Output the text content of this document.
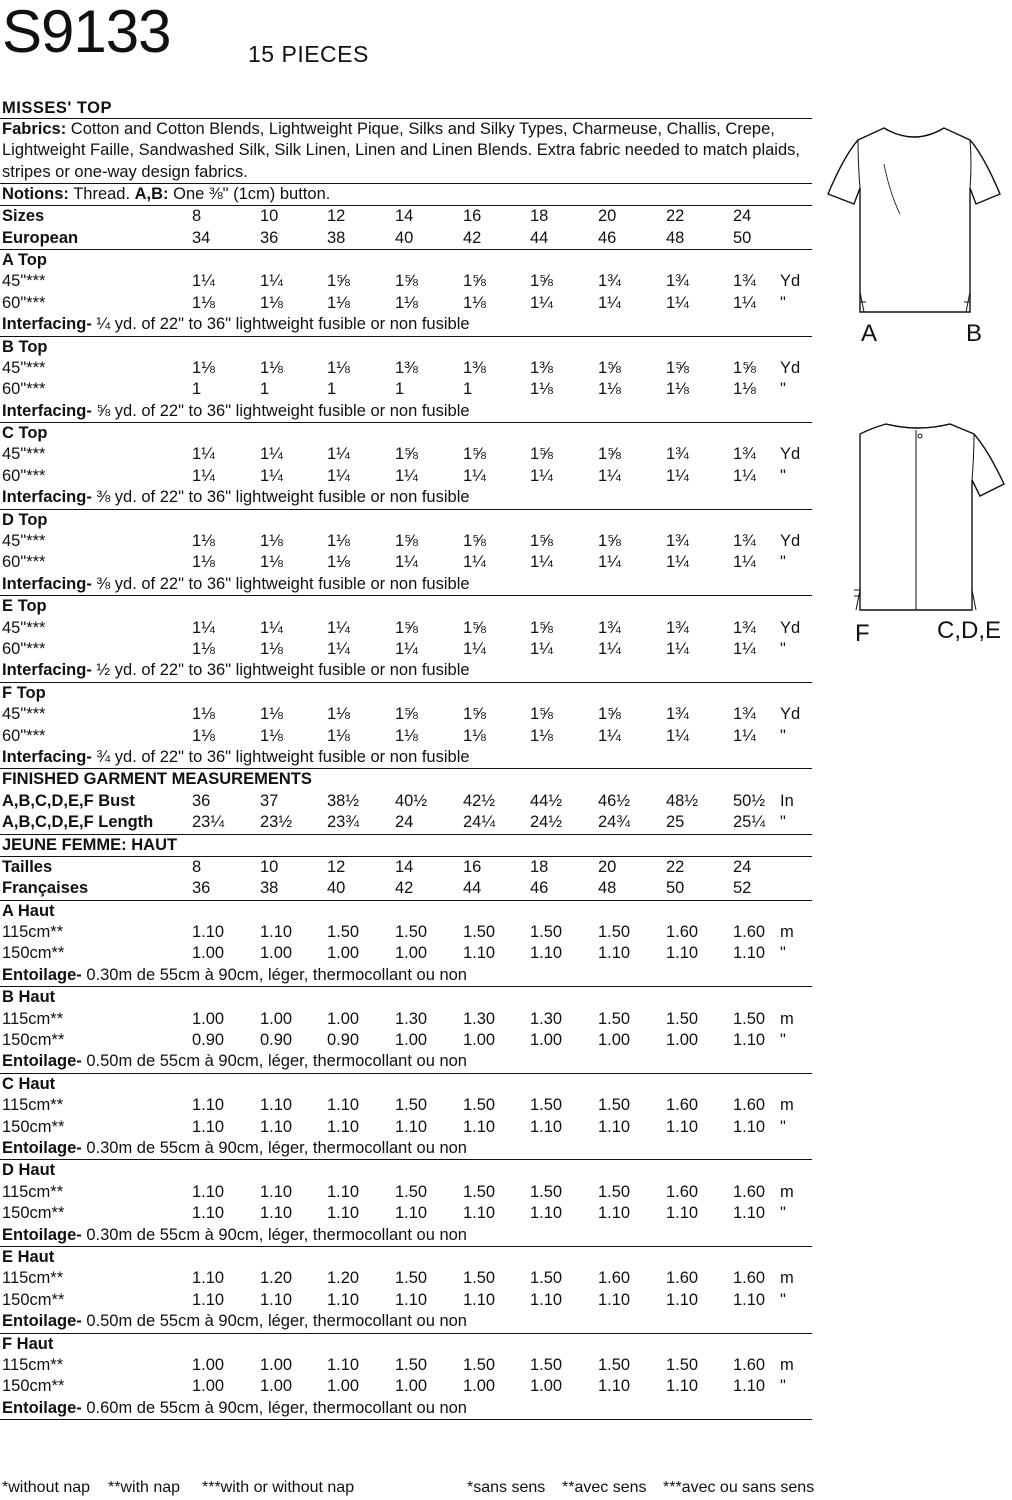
S9133	15 PIECES
MISSES' TOP
Fabrics: Cotton and Cotton Blends, Lightweight Pique, Silks and Silky Types, Charmeuse, Challis, Crepe, Lightweight Faille, Sandwashed Silk, Silk Linen, Linen and Linen Blends. Extra fabric needed to match plaids, stripes or one-way design fabrics.
Notions: Thread. A,B: One ⅜" (1cm) button.
Sizes	8	10	12	14	16	18	20	22	24
European	34	36	38	40	42	44	46	48	50
A Top
45"***	1¼	1¼	1⅝	1⅝	1⅝	1⅝	1¾	1¾	1¾ Yd
60"***	1⅛	1⅛	1⅛	1⅛	1⅛	1¼	1¼	1¼	1¼ "
Interfacing- ¼ yd. of 22" to 36" lightweight fusible or non fusible
B Top
45"***	1⅛	1⅛	1⅛	1⅜	1⅜	1⅜	1⅝	1⅝	1⅝ Yd
60"***	1	1	1	1	1	1⅛	1⅛	1⅛	1⅛ "
Interfacing- ⅝ yd. of 22" to 36" lightweight fusible or non fusible
C Top
45"***	1¼	1¼	1¼	1⅝	1⅝	1⅝	1⅝	1¾	1¾ Yd
60"***	1¼	1¼	1¼	1¼	1¼	1¼	1¼	1¼	1¼ "
Interfacing- ⅜ yd. of 22" to 36" lightweight fusible or non fusible
D Top
45"***	1⅛	1⅛	1⅛	1⅝	1⅝	1⅝	1⅝	1¾	1¾ Yd
60"***	1⅛	1⅛	1⅛	1¼	1¼	1¼	1¼	1¼	1¼ "
Interfacing- ⅜ yd. of 22" to 36" lightweight fusible or non fusible
E Top
45"***	1¼	1¼	1¼	1⅝	1⅝	1⅝	1¾	1¾	1¾ Yd
60"***	1⅛	1⅛	1¼	1¼	1¼	1¼	1¼	1¼	1¼ "
Interfacing- ½ yd. of 22" to 36" lightweight fusible or non fusible
F Top
45"***	1⅛	1⅛	1⅛	1⅝	1⅝	1⅝	1⅝	1¾	1¾ Yd
60"***	1⅛	1⅛	1⅛	1⅛	1⅛	1⅛	1¼	1¼	1¼ "
Interfacing- ¾ yd. of 22" to 36" lightweight fusible or non fusible
FINISHED GARMENT MEASUREMENTS
A,B,C,D,E,F Bust	36	37	38½ 40½ 42½ 44½ 46½ 48½ 50½ In
A,B,C,D,E,F Length 23¼ 23½ 23¾ 24	24¼ 24½ 24¾ 25	25¼ "
JEUNE FEMME: HAUT
Tailles	8	10	12	14	16	18	20	22	24
Françaises	36	38	40	42	44	46	48	50	52
A Haut
115cm**	1.10 1.10 1.50 1.50 1.50 1.50 1.50 1.60 1.60 m
150cm**	1.00 1.00 1.00 1.00 1.10 1.10 1.10 1.10 1.10 "
Entoilage- 0.30m de 55cm à 90cm, léger, thermocollant ou non
B Haut
115cm**	1.00 1.00 1.00 1.30 1.30 1.30 1.50 1.50 1.50 m
150cm**	0.90 0.90 0.90 1.00 1.00 1.00 1.00 1.00 1.10 "
Entoilage- 0.50m de 55cm à 90cm, léger, thermocollant ou non
C Haut
115cm**	1.10 1.10 1.10 1.50 1.50 1.50 1.50 1.60 1.60 m
150cm**	1.10 1.10 1.10 1.10 1.10 1.10 1.10 1.10 1.10 "
Entoilage- 0.30m de 55cm à 90cm, léger, thermocollant ou non
D Haut
115cm**	1.10 1.10 1.10 1.50 1.50 1.50 1.50 1.60 1.60 m
150cm**	1.10 1.10 1.10 1.10 1.10 1.10 1.10 1.10 1.10 "
Entoilage- 0.30m de 55cm à 90cm, léger, thermocollant ou non
E Haut
115cm**	1.10 1.20 1.20 1.50 1.50 1.50 1.60 1.60 1.60 m
150cm**	1.10 1.10 1.10 1.10 1.10 1.10 1.10 1.10 1.10 "
Entoilage- 0.50m de 55cm à 90cm, léger, thermocollant ou non
F Haut
115cm**	1.00 1.00 1.10 1.50 1.50 1.50 1.50 1.50 1.60 m
150cm**	1.00 1.00 1.00 1.00 1.00 1.00 1.10 1.10 1.10 "
Entoilage- 0.60m de 55cm à 90cm, léger, thermocollant ou non
*without nap **with nap ***with or without nap	*sans sens **avec sens ***avec ou sans sens
A	B
F	C,D,E
